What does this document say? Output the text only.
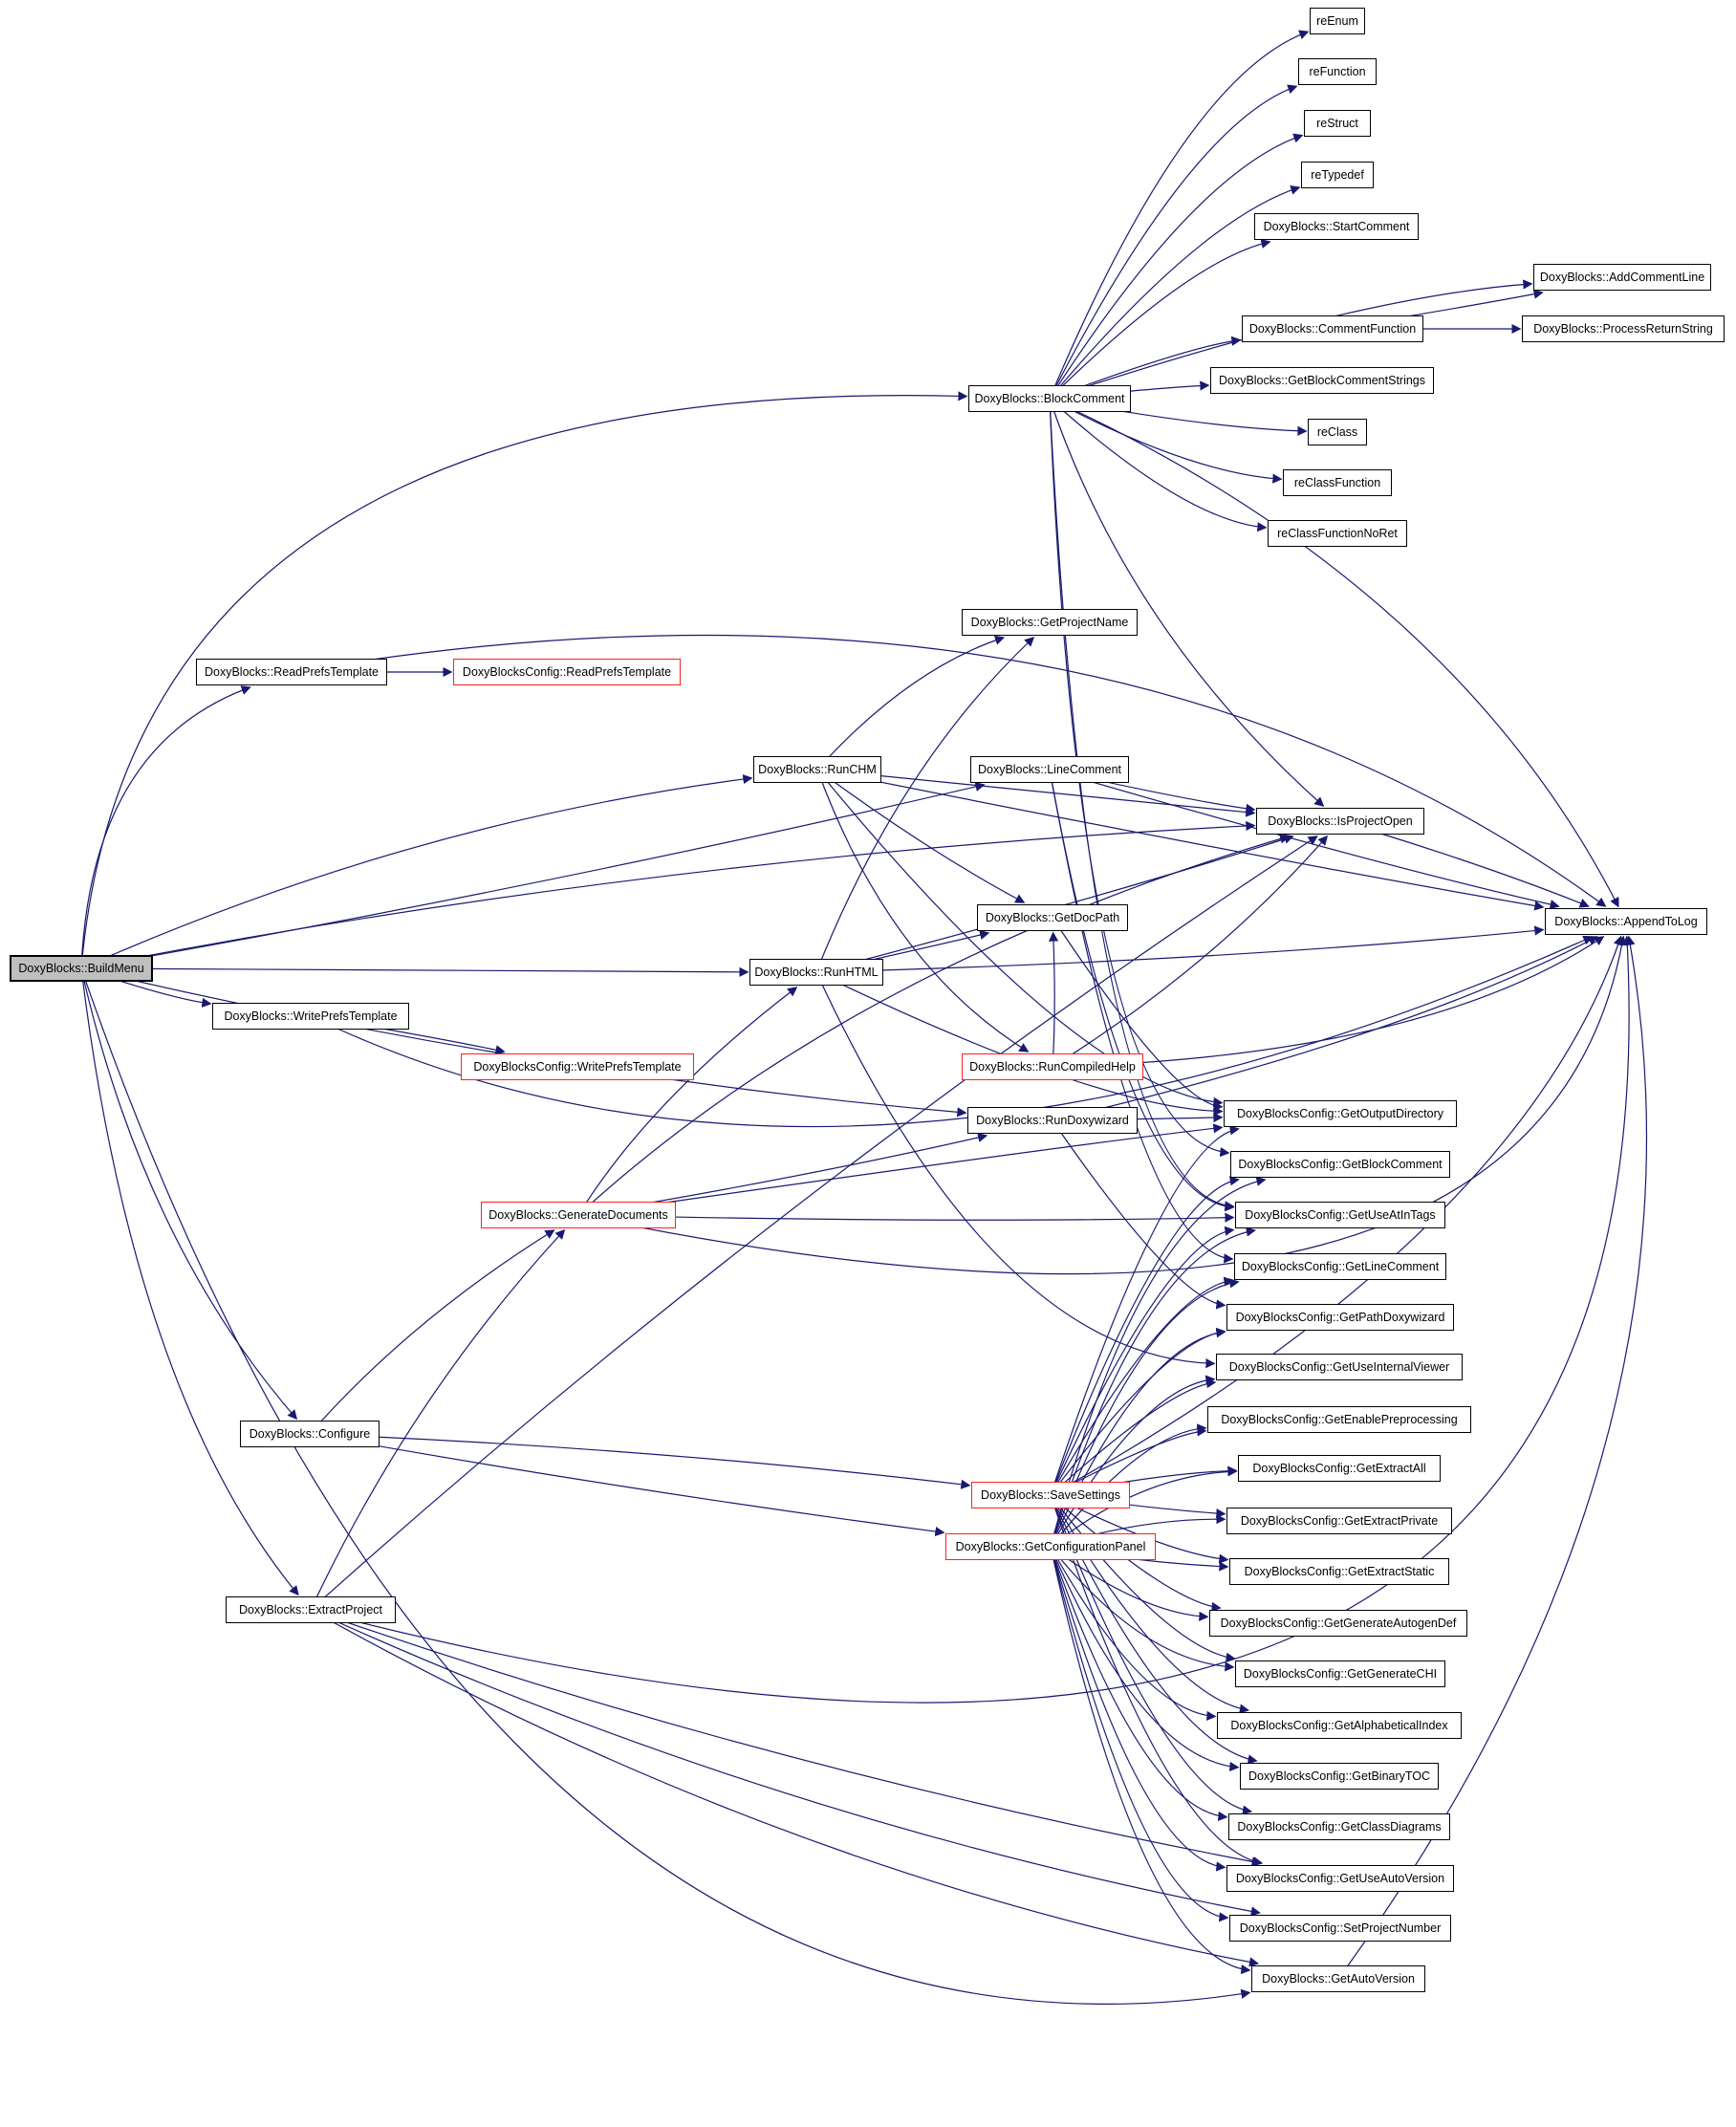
DoxyBlocks::BuildMenu
DoxyBlocks::BlockComment
reEnum
reFunction
reStruct
reTypedef
DoxyBlocks::StartComment
DoxyBlocks::AddCommentLine
DoxyBlocks::CommentFunction	DoxyBlocks::ProcessReturnString
DoxyBlocks::GetBlockCommentStrings
reClass
reClassFunction
reClassFunctionNoRet
DoxyBlocks::ReadPrefsTemplate	DoxyBlocksConfig::ReadPrefsTemplate
DoxyBlocks::GetProjectName
DoxyBlocks::RunCHM	DoxyBlocks::LineComment
DoxyBlocks::IsProjectOpen
DoxyBlocks::GetDocPath	DoxyBlocks::AppendToLog
DoxyBlocks::RunHTML
DoxyBlocks::WritePrefsTemplate
DoxyBlocksConfig::WritePrefsTemplate	DoxyBlocks::RunCompiledHelp
DoxyBlocks::RunDoxywizard
DoxyBlocks::GenerateDocuments
DoxyBlocks::Configure
DoxyBlocks::SaveSettings
DoxyBlocks::GetConfigurationPanel
DoxyBlocks::ExtractProject
DoxyBlocksConfig::GetOutputDirectory
DoxyBlocksConfig::GetBlockComment
DoxyBlocksConfig::GetUseAtInTags
DoxyBlocksConfig::GetLineComment
DoxyBlocksConfig::GetPathDoxywizard
DoxyBlocksConfig::GetUseInternalViewer
DoxyBlocksConfig::GetEnablePreprocessing
DoxyBlocksConfig::GetExtractAll
DoxyBlocksConfig::GetExtractPrivate
DoxyBlocksConfig::GetExtractStatic
DoxyBlocksConfig::GetGenerateAutogenDef
DoxyBlocksConfig::GetGenerateCHI
DoxyBlocksConfig::GetAlphabeticalIndex
DoxyBlocksConfig::GetBinaryTOC
DoxyBlocksConfig::GetClassDiagrams
DoxyBlocksConfig::GetUseAutoVersion
DoxyBlocksConfig::SetProjectNumber
DoxyBlocks::GetAutoVersion
